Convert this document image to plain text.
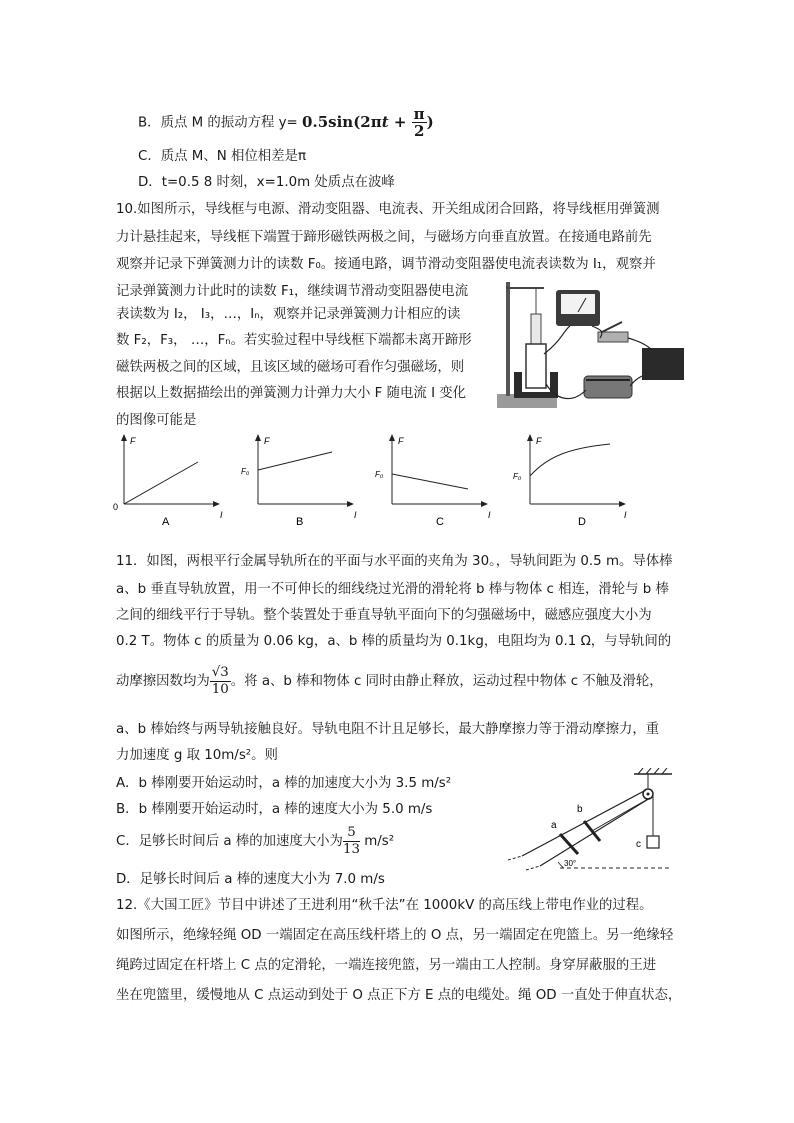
B．质点 M 的振动方程 $y= 0.5\sin(2\pi t + \frac{\pi}{2}$ )
C．质点 M、N 相位相差是π
D．t=0.5 8 时刻，x=1.0m 处质点在波峰
10.如图所示，导线框与电源、滑动变阻器、电流表、开关组成闭合回路，将导线框用弹簧测
力计悬挂起来，导线框下端置于蹄形磁铁两极之间，与磁场方向垂直放置。在接通电路前先
观察并记录下弹簧测力计的读数 F₀。接通电路，调节滑动变阻器使电流表读数为 I₁，观察并
记录弹簧测力计此时的读数 F₁，继续调节滑动变阻器使电流
表读数为 I₂， I₃，…，Iₙ，观察并记录弹簧测力计相应的读
数 F₂，F₃， …，Fₙ。若实验过程中导线框下端都未离开蹄形
磁铁两极之间的区域，且该区域的磁场可看作匀强磁场，则
根据以上数据描绘出的弹簧测力计弹力大小 F 随电流 I 变化
的图像可能是
F
0
I
A
F
F₀
I
B
F
F₀
I
C
F
F₀
I
D
11．如图，两根平行金属导轨所在的平面与水平面的夹角为 30。，导轨间距为 0.5 m。导体棒
a、b 垂直导轨放置，用一不可伸长的细线绕过光滑的滑轮将 b 棒与物体 c 相连，滑轮与 b 棒
之间的细线平行于导轨。整个装置处于垂直导轨平面向下的匀强磁场中，磁感应强度大小为
0.2 T。物体 c 的质量为 0.06 kg，a、b 棒的质量均为 0.1kg，电阻均为 0.1 Ω，与导轨间的
动摩擦因数均为 $\frac{√3}{10}$ 。将 a、b 棒和物体 c 同时由静止释放，运动过程中物体 c 不触及滑轮，
a、b 棒始终与两导轨接触良好。导轨电阻不计且足够长，最大静摩擦力等于滑动摩擦力，重
力加速度 g 取 10m/s²。则
A．b 棒刚要开始运动时，a 棒的加速度大小为 3.5 m/s²
B．b 棒刚要开始运动时，a 棒的速度大小为 5.0 m/s
C．足够长时间后 a 棒的加速度大小为 $\frac{5}{13} m/s^2$
D．足够长时间后 a 棒的速度大小为 7.0 m/s
a
b
c
30°
12.《大国工匠》节目中讲述了王进利用“秋千法”在 1000kV 的高压线上带电作业的过程。
如图所示，绝缘轻绳 OD 一端固定在高压线杆塔上的 O 点，另一端固定在兜篮上。另一绝缘轻
绳跨过固定在杆塔上 C 点的定滑轮，一端连接兜篮，另一端由工人控制。身穿屏蔽服的王进
坐在兜篮里，缓慢地从 C 点运动到处于 O 点正下方 E 点的电缆处。绳 OD 一直处于伸直状态，
